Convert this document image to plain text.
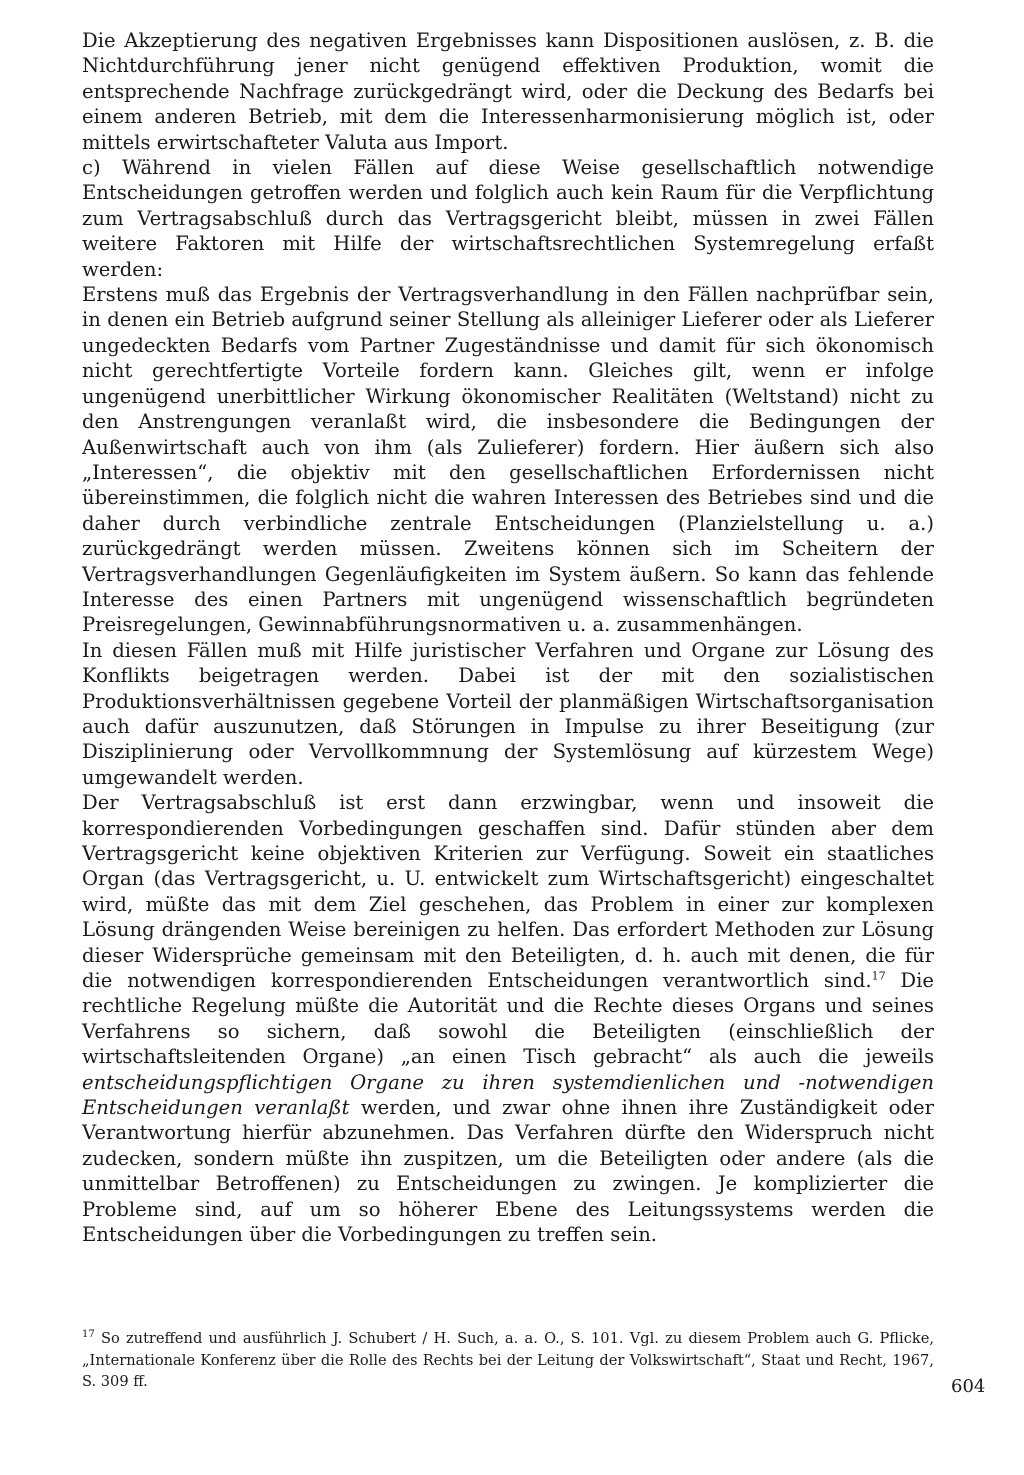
Die Akzeptierung des negativen Ergebnisses kann Dispositionen auslösen, z. B. die Nichtdurchführung jener nicht genügend effektiven Produktion, womit die entsprechende Nachfrage zurückgedrängt wird, oder die Deckung des Bedarfs bei einem anderen Betrieb, mit dem die Interessenharmonisierung möglich ist, oder mittels erwirtschafteter Valuta aus Import.

c) Während in vielen Fällen auf diese Weise gesellschaftlich notwendige Entscheidungen getroffen werden und folglich auch kein Raum für die Verpflichtung zum Vertragsabschluß durch das Vertragsgericht bleibt, müssen in zwei Fällen weitere Faktoren mit Hilfe der wirtschaftsrechtlichen Systemregelung erfaßt werden:

Erstens muß das Ergebnis der Vertragsverhandlung in den Fällen nachprüfbar sein, in denen ein Betrieb aufgrund seiner Stellung als alleiniger Lieferer oder als Lieferer ungedeckten Bedarfs vom Partner Zugeständnisse und damit für sich ökonomisch nicht gerechtfertigte Vorteile fordern kann. Gleiches gilt, wenn er infolge ungenügend unerbittlicher Wirkung ökonomischer Realitäten (Weltstand) nicht zu den Anstrengungen veranlaßt wird, die insbesondere die Bedingungen der Außenwirtschaft auch von ihm (als Zulieferer) fordern. Hier äußern sich also „Interessen“, die objektiv mit den gesellschaftlichen Erfordernissen nicht übereinstimmen, die folglich nicht die wahren Interessen des Betriebes sind und die daher durch verbindliche zentrale Entscheidungen (Planzielstellung u. a.) zurückgedrängt werden müssen. Zweitens können sich im Scheitern der Vertragsverhandlungen Gegenläufigkeiten im System äußern. So kann das fehlende Interesse des einen Partners mit ungenügend wissenschaftlich begründeten Preisregelungen, Gewinnabführungsnormativen u. a. zusammenhängen.

In diesen Fällen muß mit Hilfe juristischer Verfahren und Organe zur Lösung des Konflikts beigetragen werden. Dabei ist der mit den sozialistischen Produktionsverhältnissen gegebene Vorteil der planmäßigen Wirtschaftsorganisation auch dafür auszunutzen, daß Störungen in Impulse zu ihrer Beseitigung (zur Disziplinierung oder Vervollkommnung der Systemlösung auf kürzestem Wege) umgewandelt werden.

Der Vertragsabschluß ist erst dann erzwingbar, wenn und insoweit die korrespondierenden Vorbedingungen geschaffen sind. Dafür stünden aber dem Vertragsgericht keine objektiven Kriterien zur Verfügung. Soweit ein staatliches Organ (das Vertragsgericht, u. U. entwickelt zum Wirtschaftsgericht) eingeschaltet wird, müßte das mit dem Ziel geschehen, das Problem in einer zur komplexen Lösung drängenden Weise bereinigen zu helfen. Das erfordert Methoden zur Lösung dieser Widersprüche gemeinsam mit den Beteiligten, d. h. auch mit denen, die für die notwendigen korrespondierenden Entscheidungen verantwortlich sind.$^{17}$ Die rechtliche Regelung müßte die Autorität und die Rechte dieses Organs und seines Verfahrens so sichern, daß sowohl die Beteiligten (einschließlich der wirtschaftsleitenden Organe) „an einen Tisch gebracht“ als auch die jeweils entscheidungspflichtigen Organe zu ihren systemdienlichen und -notwendigen Entscheidungen veranlaßt werden, und zwar ohne ihnen ihre Zuständigkeit oder Verantwortung hierfür abzunehmen. Das Verfahren dürfte den Widerspruch nicht zudecken, sondern müßte ihn zuspitzen, um die Beteiligten oder andere (als die unmittelbar Betroffenen) zu Entscheidungen zu zwingen. Je komplizierter die Probleme sind, auf um so höherer Ebene des Leitungssystems werden die Entscheidungen über die Vorbedingungen zu treffen sein.

$^{17}$ So zutreffend und ausführlich J. Schubert / H. Such, a. a. O., S. 101. Vgl. zu diesem Problem auch G. Pflicke, „Internationale Konferenz über die Rolle des Rechts bei der Leitung der Volkswirtschaft“, Staat und Recht, 1967, S. 309 ff.	604
